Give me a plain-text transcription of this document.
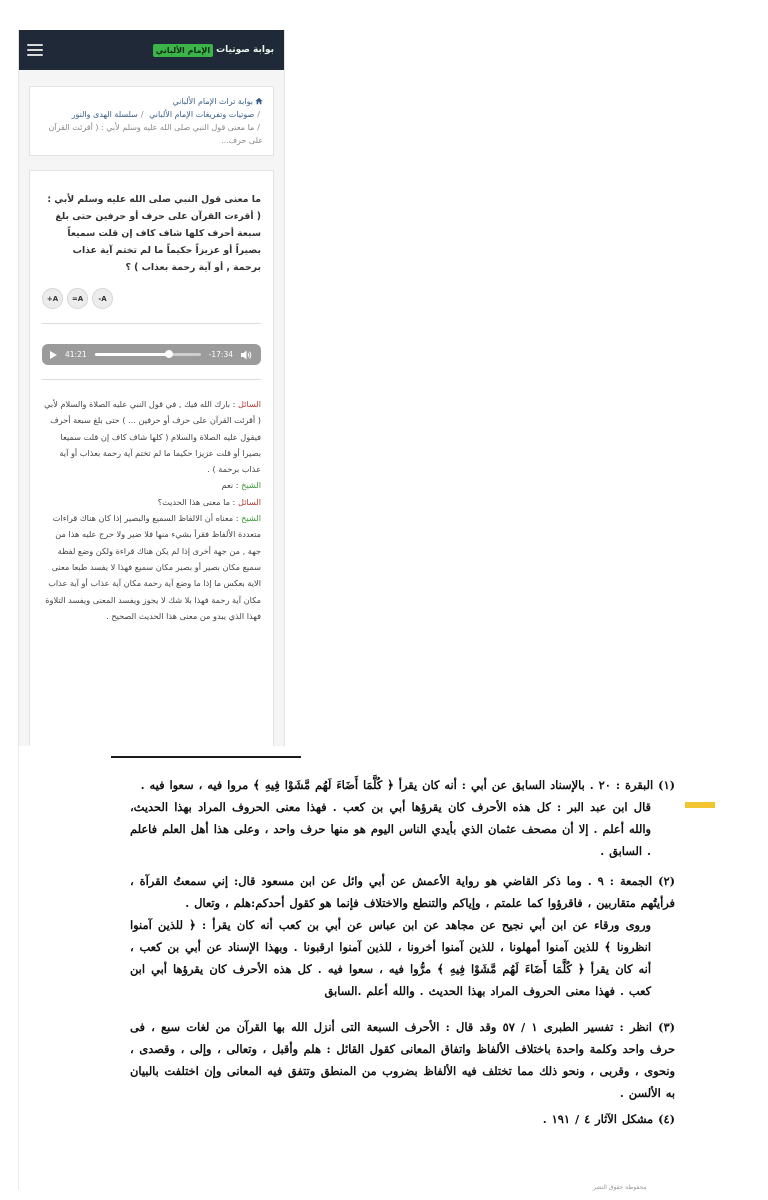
بوابة صوتيات
الإمام الألباني
بوابة تراث الإمام الألباني
/صوتيات وتفريغات الإمام الألباني /سلسلة الهدى والنور
/ما معنى قول النبي صلى الله عليه وسلم لأبي : ( أقرئت القرآن على حرف...

ما معنى قول النبي صلى الله عليه وسلم لأبي : ( أقرءت القرآن على حرف أو حرفين حتى بلغ سبعة أحرف كلها شاف كاف إن قلت سميعاً بصيراً أو عزيزاً حكيماً ما لم تختم آية عذاب برحمة , أو آية رحمة بعذاب ) ؟

+A	=A	-A
41:21	-17:34
السائل : بارك الله فيك , في قول النبي عليه الصلاة والسلام لأبي ( أقرئت القرآن على حرف أو حرفين ... ) حتى بلغ سبعة أحرف فيقول عليه الصلاة والسلام ( كلها شاف كاف إن قلت سميعا بصيرا أو قلت عزيزا حكيما ما لم تختم آية رحمة بعذاب أو آية عذاب برحمة ) .
الشيخ : نعم
السائل : ما معنى هذا الحديث؟
الشيخ : معناه أن الالفاظ السميع والبصير إذا كان هناك قراءات متعددة الألفاظ فقرأ بشيء منها فلا ضير ولا حرج عليه هذا من جهة , من جهة أخرى إذا لم يكن هناك قراءة ولكن وضع لفظة سميع مكان بصير أو بصير مكان سميع فهذا لا يفسد طبعا معنى الاية بعكس ما إذا ما وضع آية رحمة مكان آية عذاب أو آية عذاب مكان آية رحمة فهذا بلا شك لا يجوز ويفسد المعنى ويفسد التلاوة فهذا الذي يبدو من معنى هذا الحديث الصحيح .
(١) البقرة : ٢٠ . بالإسناد السابق عن أبي : أنه كان يقرأ ﴿ كُلَّمَا أَضَاءَ لَهُم مَّشَوْا فِيهِ ﴾ مروا فيه ، سعوا فيه .
قال ابن عبد البر : كل هذه الأحرف كان يقرؤها أبي بن كعب . فهذا معنى الحروف المراد بهذا الحديث، والله أعلم . إلا أن مصحف عثمان الذي بأيدي الناس اليوم هو منها حرف واحد ، وعلى هذا أهل العلم فاعلم . السابق .
(٢) الجمعة : ٩ . وما ذكر القاضي هو رواية الأعمش عن أبي وائل عن ابن مسعود قال: إني سمعتُ القرآة ، فرأيتُهم متقاربين ، فاقرؤوا كما علمتم ، وإياكم والتنطع والاختلاف فإنما هو كقول أحدكم:هلم ، وتعال .
وروى ورقاء عن ابن أبي نجيح عن مجاهد عن ابن عباس عن أبي بن كعب أنه كان يقرأ : ﴿ للذين آمنوا انظرونا ﴾ للذين آمنوا أمهلونا ، للذين آمنوا أخرونا ، للذين آمنوا ارقبونا . وبهذا الإسناد عن أبي بن كعب ، أنه كان يقرأ ﴿ كُلَّمَا أَضَاءَ لَهُم مَّشَوْا فِيهِ ﴾ مرُّوا فيه ، سعوا فيه . كل هذه الأحرف كان يقرؤها أبي ابن كعب . فهذا معنى الحروف المراد بهذا الحديث . والله أعلم .السابق
(٣) انظر : تفسير الطبرى ١ / ٥٧ وقد قال : الأحرف السبعة التى أنزل الله بها القرآن من لغات سبع ، فى حرف واحد وكلمة واحدة باختلاف الألفاظ واتفاق المعانى كقول القائل : هلم وأقبل ، وتعالى ، وإلى ، وقصدى ، ونحوى ، وقربى ، ونحو ذلك مما تختلف فيه الألفاظ بضروب من المنطق وتتفق فيه المعانى وإن اختلفت بالبيان به الألسن .
(٤) مشكل الآثار ٤ / ١٩١ .
محفوظة حقوق النشر
